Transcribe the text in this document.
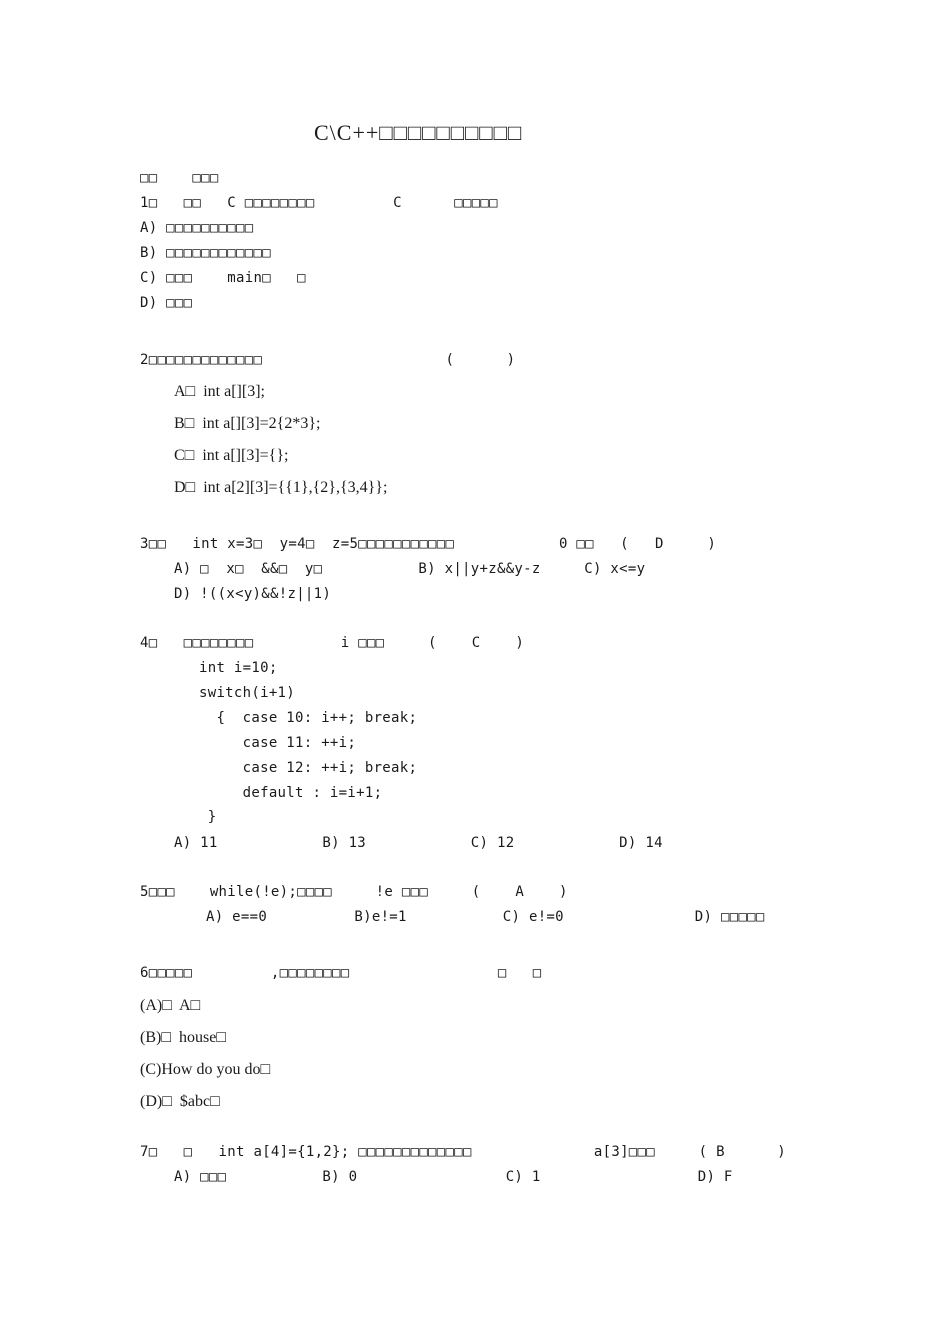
C\C++□□□□□□□□□□
□□    □□□
1□   □□   C □□□□□□□□         C      □□□□□
A) □□□□□□□□□□
B) □□□□□□□□□□□□
C) □□□    main□   □
D) □□□
2□□□□□□□□□□□□□                     (      )
A□  int a[][3];
B□  int a[][3]=2{2*3};
C□  int a[][3]={};
D□  int a[2][3]={{1},{2},{3,4}};
3□□   int x=3□  y=4□  z=5□□□□□□□□□□□            0 □□   (   D     )
A) □  x□  &&□  y□           B) x||y+z&&y-z     C) x<=y
D) !((x<y)&&!z||1)
4□   □□□□□□□□          i □□□     (    C    )
int i=10;
switch(i+1)
{  case 10: i++; break;
case 11: ++i;
case 12: ++i; break;
default : i=i+1;
}
A) 11            B) 13            C) 12            D) 14
5□□□    while(!e);□□□□     !e □□□     (    A    )
A) e==0          B)e!=1           C) e!=0               D) □□□□□
6□□□□□         ,□□□□□□□□                 □   □
(A)□  A□
(B)□  house□
(C)How do you do□
(D)□  $abc□
7□   □   int a[4]={1,2}; □□□□□□□□□□□□□              a[3]□□□     ( B      )
A) □□□           B) 0                 C) 1                  D) F
